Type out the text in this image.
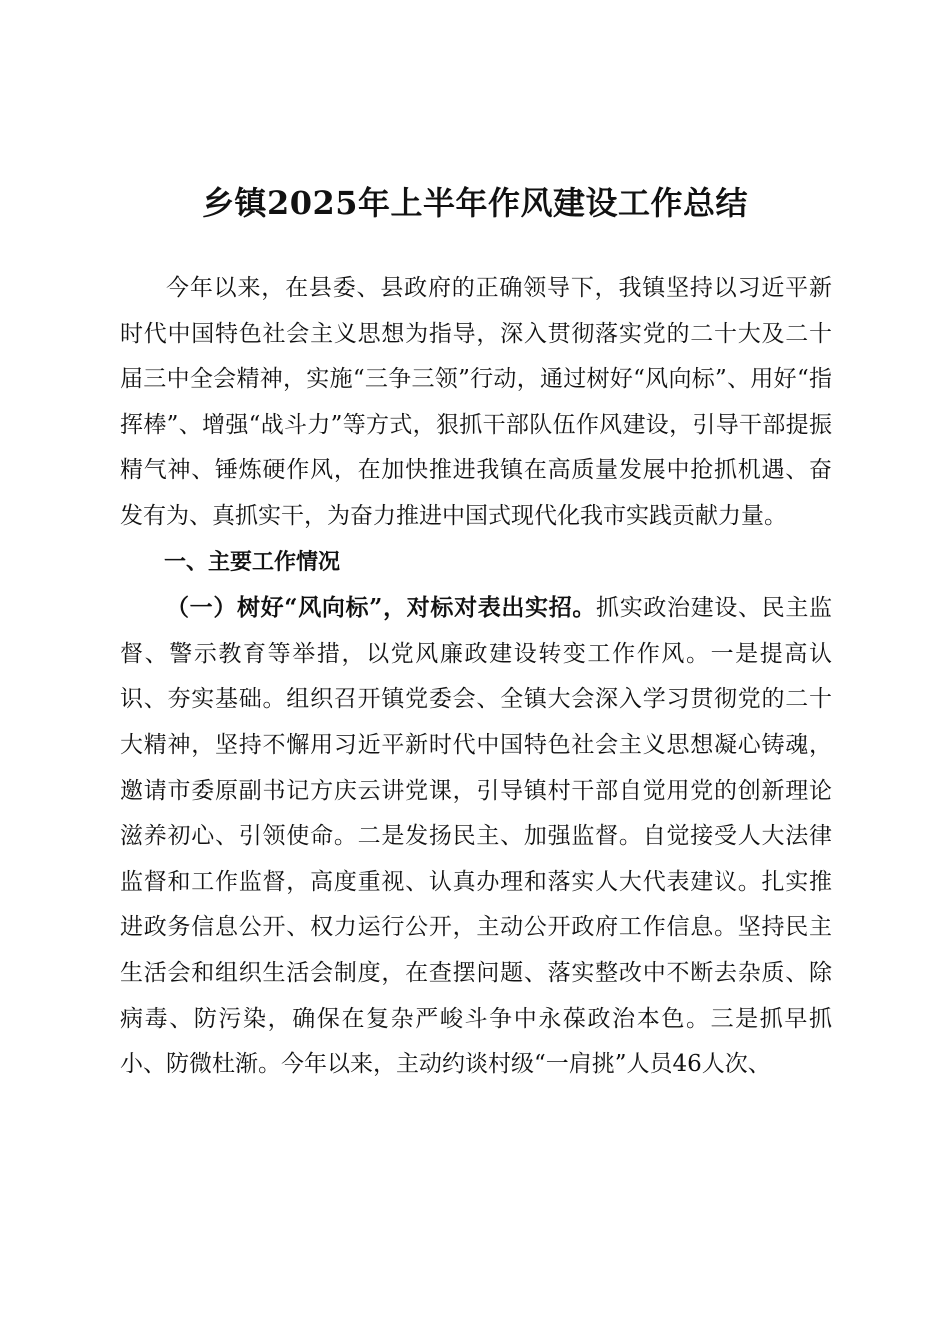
乡镇2025年上半年作风建设工作总结

今年以来，在县委、县政府的正确领导下，我镇坚持以习近平新时代中国特色社会主义思想为指导，深入贯彻落实党的二十大及二十届三中全会精神，实施“三争三领”行动，通过树好“风向标”、用好“指挥棒”、增强“战斗力”等方式，狠抓干部队伍作风建设，引导干部提振精气神、锤炼硬作风，在加快推进我镇在高质量发展中抢抓机遇、奋发有为、真抓实干，为奋力推进中国式现代化我市实践贡献力量。

一、主要工作情况

（一）树好“风向标”，对标对表出实招。抓实政治建设、民主监督、警示教育等举措，以党风廉政建设转变工作作风。一是提高认识、夯实基础。组织召开镇党委会、全镇大会深入学习贯彻党的二十大精神，坚持不懈用习近平新时代中国特色社会主义思想凝心铸魂，邀请市委原副书记方庆云讲党课，引导镇村干部自觉用党的创新理论滋养初心、引领使命。二是发扬民主、加强监督。自觉接受人大法律监督和工作监督，高度重视、认真办理和落实人大代表建议。扎实推进政务信息公开、权力运行公开，主动公开政府工作信息。坚持民主生活会和组织生活会制度，在查摆问题、落实整改中不断去杂质、除病毒、防污染，确保在复杂严峻斗争中永葆政治本色。三是抓早抓小、防微杜渐。今年以来，主动约谈村级“一肩挑”人员46人次、
